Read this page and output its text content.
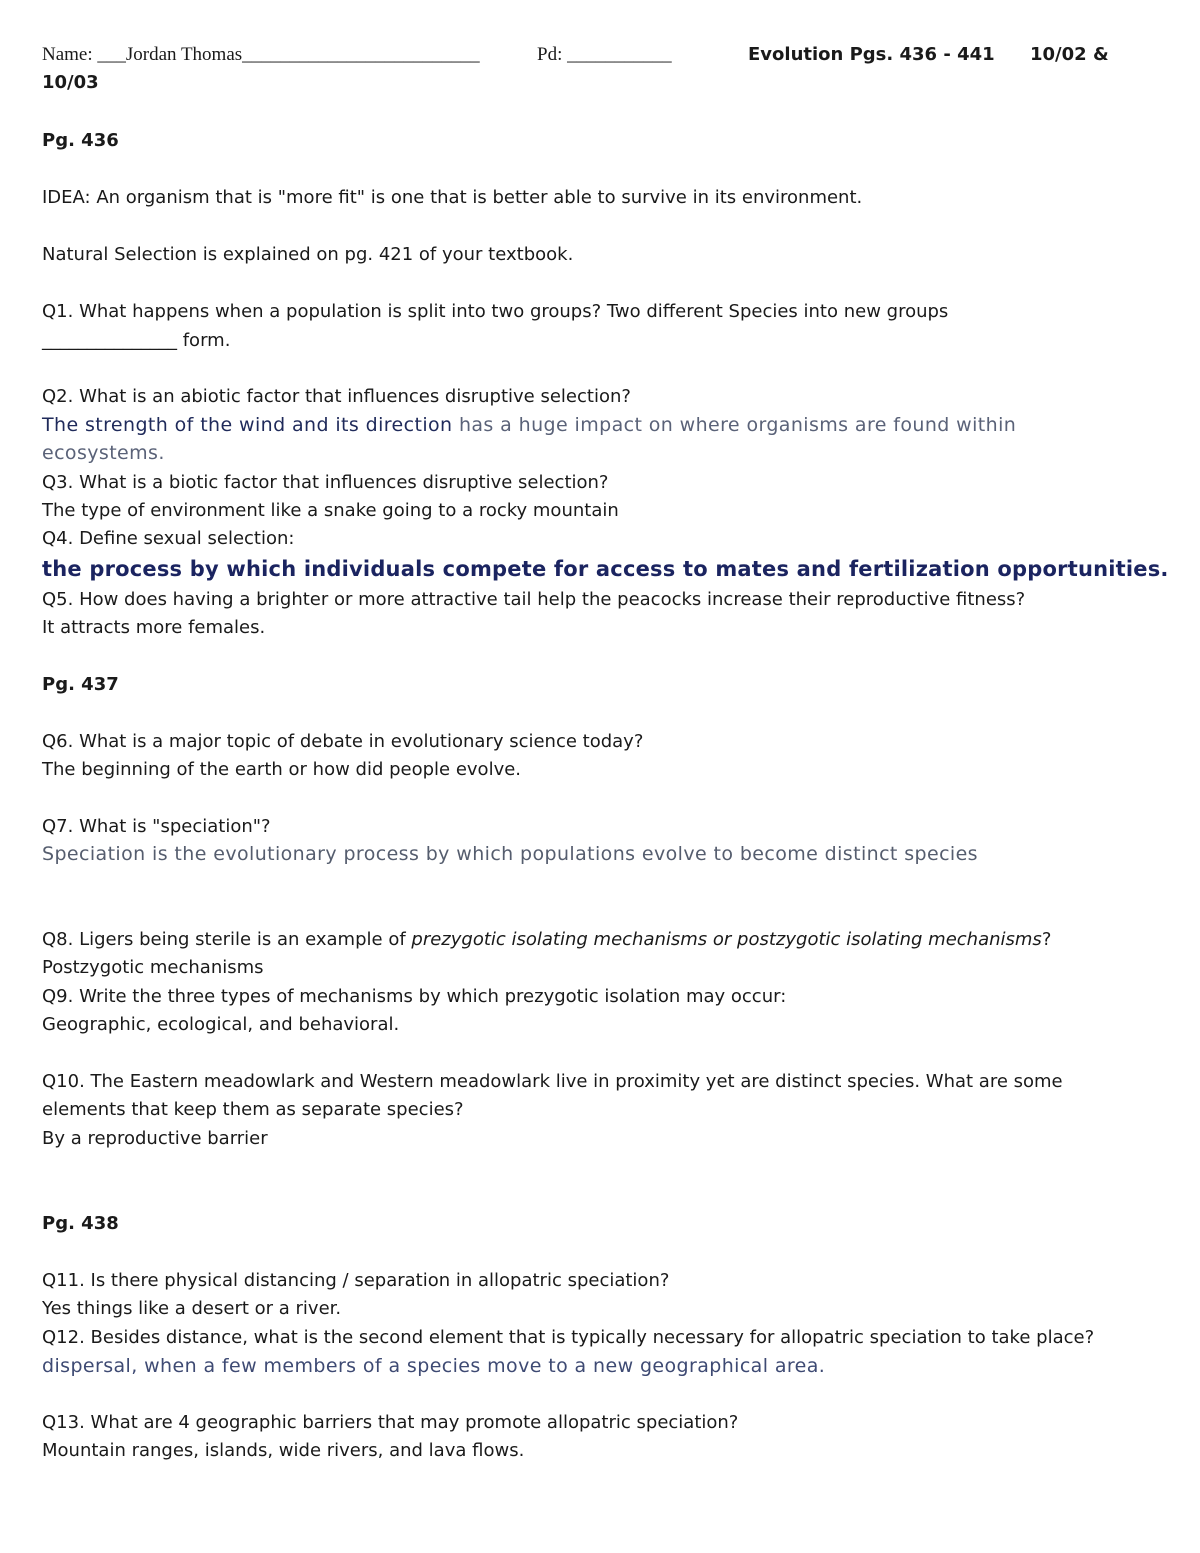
Name: ___Jordan Thomas_________________________	Pd: ___________	Evolution Pgs. 436 - 441 10/02 &
10/03
Pg. 436
IDEA: An organism that is "more fit" is one that is better able to survive in its environment.
Natural Selection is explained on pg. 421 of your textbook.
Q1. What happens when a population is split into two groups? Two different Species into new groups
_______________ form.
Q2. What is an abiotic factor that influences disruptive selection?
The strength of the wind and its direction has a huge impact on where organisms are found within
ecosystems.
Q3. What is a biotic factor that influences disruptive selection?
The type of environment like a snake going to a rocky mountain
Q4. Define sexual selection:
the process by which individuals compete for access to mates and fertilization opportunities.
Q5. How does having a brighter or more attractive tail help the peacocks increase their reproductive fitness?
It attracts more females.
Pg. 437
Q6. What is a major topic of debate in evolutionary science today?
The beginning of the earth or how did people evolve.
Q7. What is "speciation"?
Speciation is the evolutionary process by which populations evolve to become distinct species
Q8. Ligers being sterile is an example of prezygotic isolating mechanisms or postzygotic isolating mechanisms?
Postzygotic mechanisms
Q9. Write the three types of mechanisms by which prezygotic isolation may occur:
Geographic, ecological, and behavioral.
Q10. The Eastern meadowlark and Western meadowlark live in proximity yet are distinct species. What are some
elements that keep them as separate species?
By a reproductive barrier
Pg. 438
Q11. Is there physical distancing / separation in allopatric speciation?
Yes things like a desert or a river.
Q12. Besides distance, what is the second element that is typically necessary for allopatric speciation to take place?
dispersal, when a few members of a species move to a new geographical area.
Q13. What are 4 geographic barriers that may promote allopatric speciation?
Mountain ranges, islands, wide rivers, and lava flows.
